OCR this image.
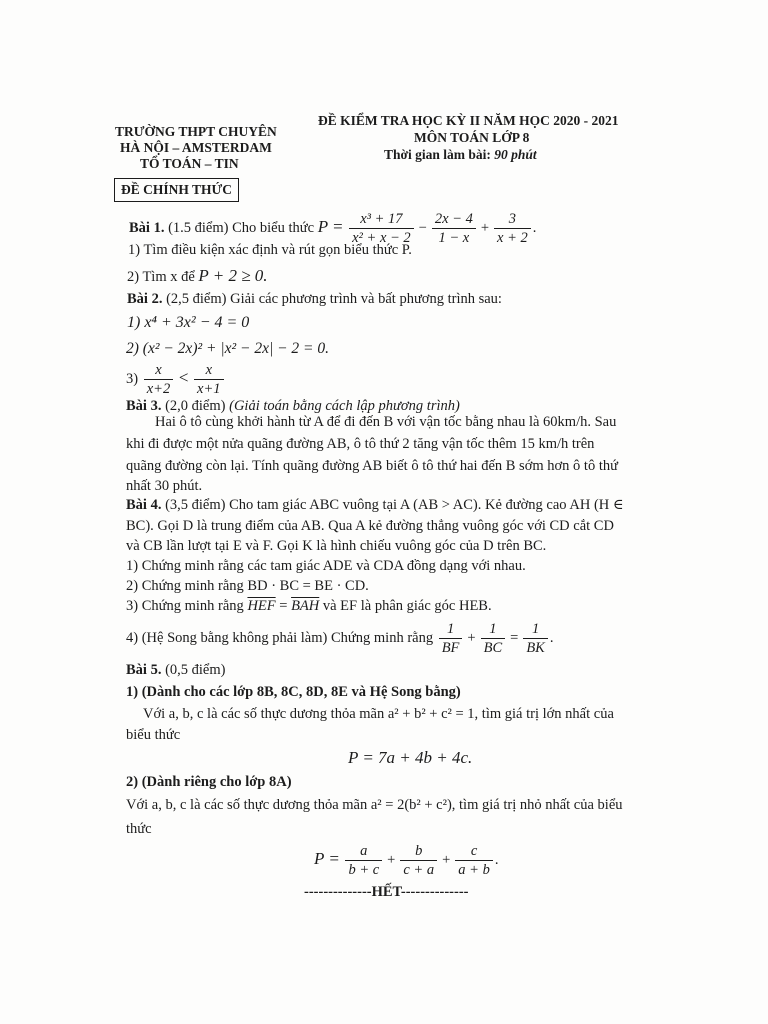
TRƯỜNG THPT CHUYÊN
HÀ NỘI – AMSTERDAM
TỔ TOÁN – TIN
ĐỀ CHÍNH THỨC
ĐỀ KIỂM TRA HỌC KỲ II NĂM HỌC 2020 - 2021
MÔN TOÁN LỚP 8
Thời gian làm bài: 90 phút
Bài 1. (1.5 điểm) Cho biểu thức $P = \frac{\text{x³ + 17}}{\text{x² + x − 2}} - \frac{2x - 4}{1 - x} + \frac{3}{x + 2}$ .
1) Tìm điều kiện xác định và rút gọn biểu thức P.
2) Tìm x để P + 2 ≥ 0.
Bài 2. (2,5 điểm) Giải các phương trình và bất phương trình sau:
1) x⁴ + 3x² − 4 = 0
2) (x² − 2x)² + |x² − 2x| − 2 = 0.
$3) \frac{x}{x+2} < \frac{x}{x+1}$
Bài 3. (2,0 điểm) (Giải toán bằng cách lập phương trình)
Hai ô tô cùng khởi hành từ A để đi đến B với vận tốc bằng nhau là 60km/h. Sau
khi đi được một nửa quãng đường AB, ô tô thứ 2 tăng vận tốc thêm 15 km/h trên
quãng đường còn lại. Tính quãng đường AB biết ô tô thứ hai đến B sớm hơn ô tô thứ
nhất 30 phút.
Bài 4. (3,5 điểm) Cho tam giác ABC vuông tại A (AB > AC). Kẻ đường cao AH (H ∈
BC). Gọi D là trung điểm của AB. Qua A kẻ đường thẳng vuông góc với CD cắt CD
và CB lần lượt tại E và F. Gọi K là hình chiếu vuông góc của D trên BC.
1) Chứng minh rằng các tam giác ADE và CDA đồng dạng với nhau.
2) Chứng minh rằng BD · BC = BE · CD.
3) Chứng minh rằng $\overline{HEF} = \overline{BAH}$ và EF là phân giác góc HEB.
4) (Hệ Song bằng không phải làm) Chứng minh rằng $\frac{1}{BF} + \frac{1}{BC} = \frac{1}{BK}$ .
Bài 5. (0,5 điểm)
1) (Dành cho các lớp 8B, 8C, 8D, 8E và Hệ Song bằng)
Với a, b, c là các số thực dương thỏa mãn a² + b² + c² = 1, tìm giá trị lớn nhất của
biểu thức
P = 7a + 4b + 4c.
2) (Dành riêng cho lớp 8A)
Với a, b, c là các số thực dương thỏa mãn a² = 2(b² + c²), tìm giá trị nhỏ nhất của biểu
thức
$P = \frac{a}{b + c} + \frac{b}{c + a} + \frac{c}{a + b}$ .
--------------HẾT--------------
